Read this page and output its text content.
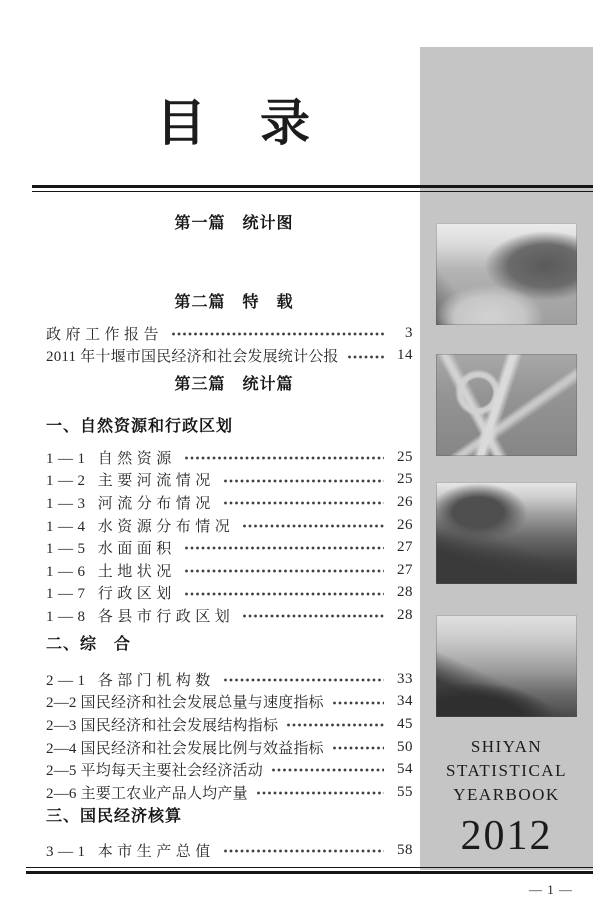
目　录
第一篇　统计图
第二篇　特　载
政府工作报告	3
2011 年十堰市国民经济和社会发展统计公报	14
第三篇　统计篇
一、自然资源和行政区划
1—1 自然资源	25
1—2 主要河流情况	25
1—3 河流分布情况	26
1—4 水资源分布情况	26
1—5 水面面积	27
1—6 土地状况	27
1—7 行政区划	28
1—8 各县市行政区划	28
二、综　合
2—1 各部门机构数	33
2—2 国民经济和社会发展总量与速度指标	34
2—3 国民经济和社会发展结构指标	45
2—4 国民经济和社会发展比例与效益指标	50
2—5 平均每天主要社会经济活动	54
2—6 主要工农业产品人均产量	55
三、国民经济核算
3—1 本市生产总值	58
SHIYAN
STATISTICAL
YEARBOOK
2012
— 1 —
